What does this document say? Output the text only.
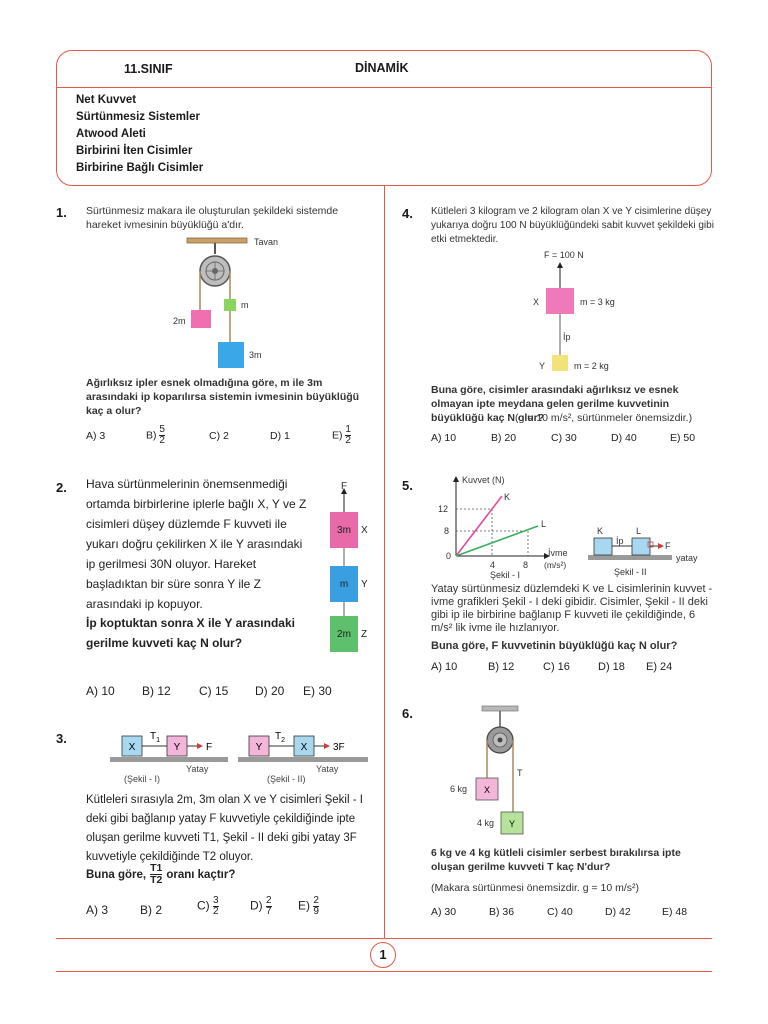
11.SINIF	DİNAMİK
Net Kuvvet
Sürtünmesiz Sistemler
Atwood Aleti
Birbirini İten Cisimler
Birbirine Bağlı Cisimler
1. Sürtünmesiz makara ile oluşturulan şekildeki sistemde hareket ivmesinin büyüklüğü a'dır.
Tavan
2m
m
3m
Ağırlıksız ipler esnek olmadığına göre, m ile 3m arasındaki ip koparılırsa sistemin ivmesinin büyüklüğü kaç a olur?
A) 3	$B) \frac{5}{2}$	C) 2	D) 1	$E) \frac{1}{2}$
2. Hava sürtünmelerinin önemsenmediği ortamda birbirlerine iplerle bağlı X, Y ve Z cisimleri düşey düzlemde F kuvveti ile yukarı doğru çekilirken X ile Y arasındaki ip gerilmesi 30N oluyor. Hareket başladıktan bir süre sonra Y ile Z arasındaki ip kopuyor.
İp koptuktan sonra X ile Y arasındaki gerilme kuvveti kaç N olur?
F
3m X
m Y
2m Z
A) 10 B) 12 C) 15 D) 20 E) 30
3.
X	Y
$T_1$
F
Yatay
(Şekil - I)
Y	X
$T_2$
3F
Yatay
(Şekil - II)
Kütleleri sırasıyla 2m, 3m olan X ve Y cisimleri Şekil - I deki gibi bağlanıp yatay F kuvvetiyle çekildiğinde ipte oluşan gerilme kuvveti T1, Şekil - II deki gibi yatay 3F kuvvetiyle çekildiğinde T2 oluyor.
Buna göre, $\frac{T1}{T2}$ oranı kaçtır?
A) 3	B) 2	$C) \frac{3}{2}$	$D) \frac{2}{7} E) \frac{2}{9}$
4. Kütleleri 3 kilogram ve 2 kilogram olan X ve Y cisimlerine düşey yukarıya doğru 100 N büyüklüğündeki sabit kuvvet şekildeki gibi etki etmektedir.
F = 100 N
X	m = 3 kg
İp
Y	m = 2 kg
Buna göre, cisimler arasındaki ağırlıksız ve esnek olmayan ipte meydana gelen gerilme kuvvetinin büyüklüğü kaç N olur?
(g = 10 m/s², sürtünmeler önemsizdir.)
A) 10	B) 20	C) 30	D) 40	E) 50
5.	Kuvvet (N)
İvme
(m/s²)
12
8
0
4	8
K
L
Şekil - I
K	L
İp	F
yatay
Şekil - II
Yatay sürtünmesiz düzlemdeki K ve L cisimlerinin kuvvet - ivme grafikleri Şekil - I deki gibidir. Cisimler, Şekil - II deki gibi ip ile birbirine bağlanıp F kuvveti ile çekildiğinde, 6 m/s² lik ivme ile hızlanıyor.
Buna göre, F kuvvetinin büyüklüğü kaç N olur?
A) 10	B) 12	C) 16	D) 18 E) 24
6.
X
Y
6 kg
4 kg
T
6 kg ve 4 kg kütleli cisimler serbest bırakılırsa ipte oluşan gerilme kuvveti T kaç N'dur?
(Makara sürtünmesi önemsizdir. g = 10 m/s²)
A) 30	B) 36	C) 40	D) 42	E) 48
1
